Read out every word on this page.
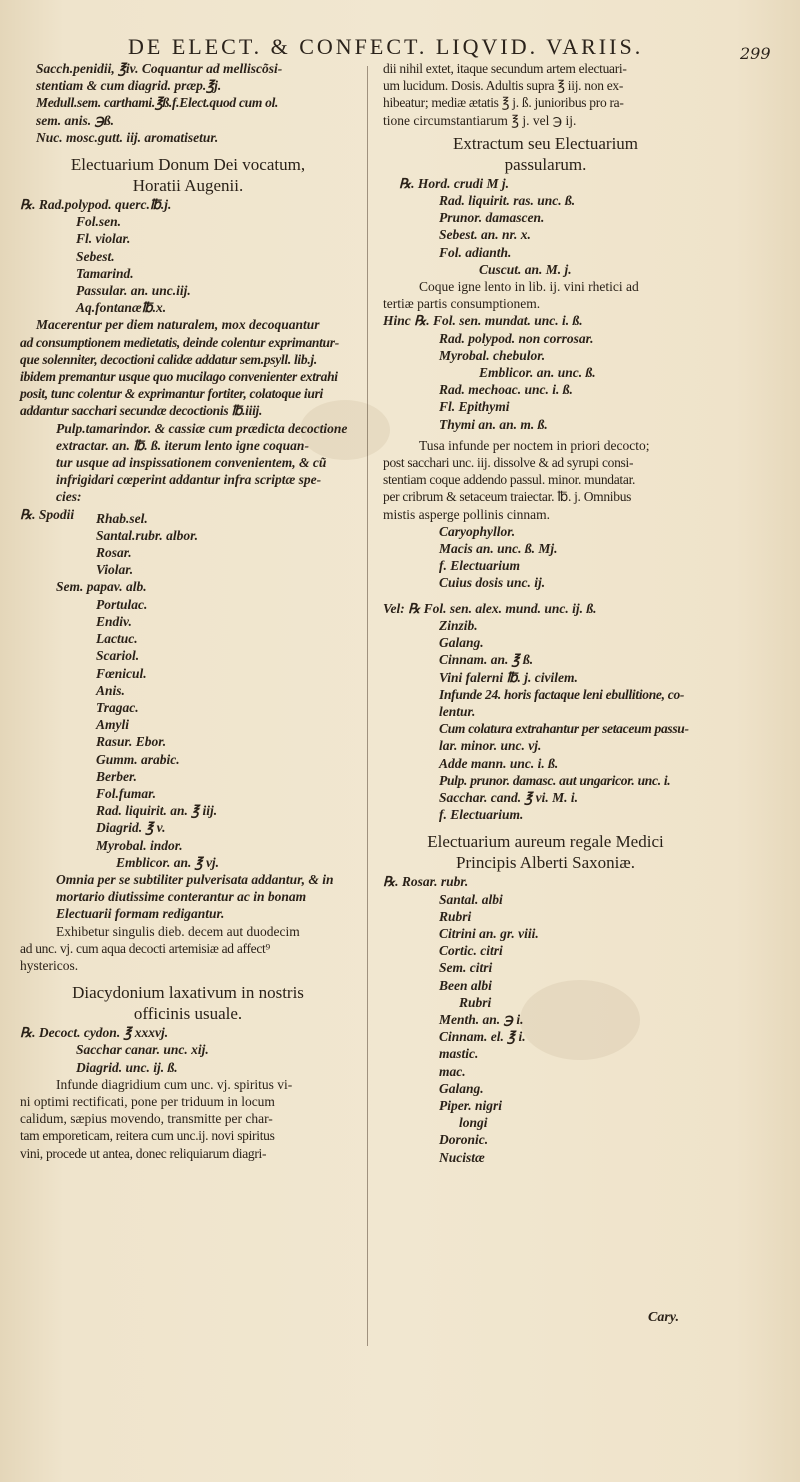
DE ELECT. & CONFECT. LIQVID. VARIIS.	299
Sacch.penidii, ℥iv. Coquantur ad melliscõsi-
stentiam & cum diagrid. præp.℥j.
Medull.sem. carthami.℥ß.f.Elect.quod cum ol.
sem. anis. ℈ß.
Nuc. mosc.gutt. iij. aromatisetur.
Electuarium Donum Dei vocatum,
Horatii Augenii.
℞. Rad.polypod. querc.℔.j.
Fol.sen.
Fl. violar.
Sebest.
Tamarind.
Passular. an. unc.iij.
Aq.fontanæ℔.x.
Macerentur per diem naturalem, mox decoquantur
ad consumptionem medietatis, deinde colentur exprimantur-
que solenniter, decoctioni calidæ addatur sem.psyll. lib.j.
ibidem premantur usque quo mucilago convenienter extrahi
posit, tunc colentur & exprimantur fortiter, colatoque iuri
addantur sacchari secundæ decoctionis ℔.iiij.
Pulp.tamarindor. & cassiæ cum prædicta decoctione
extractar. an. ℔. ß. iterum lento igne coquan-
tur usque ad inspissationem convenientem, & cũ
infrigidari cœperint addantur infra scriptæ spe-
cies:
℞. Spodii	Rhab.sel.
Santal.rubr. albor.
Rosar.
Violar.
Sem. papav. alb.
Portulac.
Endiv.
Lactuc.
Scariol.
Fœnicul.
Anis.
Tragac.
Amyli
Rasur. Ebor.
Gumm. arabic.
Berber.
Fol.fumar.
Rad. liquirit. an. ℥ iij.
Diagrid. ℥ v.
Myrobal. indor.
Emblicor. an. ℥ vj.
Omnia per se subtiliter pulverisata addantur, & in
mortario diutissime conterantur ac in bonam
Electuarii formam redigantur.
Exhibetur singulis dieb. decem aut duodecim
ad unc. vj. cum aqua decocti artemisiæ ad affect⁹
hystericos.
Diacydonium laxativum in nostris
officinis usuale.
℞. Decoct. cydon. ℥ xxxvj.
Sacchar canar. unc. xij.
Diagrid. unc. ij. ß.
Infunde diagridium cum unc. vj. spiritus vi-
ni optimi rectificati, pone per triduum in locum
calidum, sæpius movendo, transmitte per char-
tam emporeticam, reitera cum unc.ij. novi spiritus
vini, procede ut antea, donec reliquiarum diagri-
dii nihil extet, itaque secundum artem electuari-
um lucidum. Dosis. Adultis supra ℥ iij. non ex-
hibeatur; mediæ ætatis ℥ j. ß. junioribus pro ra-
tione circumstantiarum ℥ j. vel ℈ ij.
Extractum seu Electuarium
passularum.
℞. Hord. crudi M j.
Rad. liquirit. ras. unc. ß.
Prunor. damascen.
Sebest. an. nr. x.
Fol. adianth.
Cuscut. an. M. j.
Coque igne lento in lib. ij. vini rhetici ad
tertiæ partis consumptionem.
Hinc ℞. Fol. sen. mundat. unc. i. ß.
Rad. polypod. non corrosar.
Myrobal. chebulor.
Emblicor. an. unc. ß.
Rad. mechoac. unc. i. ß.
Fl. Epithymi
Thymi an. an. m. ß.
Tusa infunde per noctem in priori decocto;
post sacchari unc. iij. dissolve & ad syrupi consi-
stentiam coque addendo passul. minor. mundatar.
per cribrum & setaceum traiectar. ℔. j. Omnibus
mistis asperge pollinis cinnam.
Caryophyllor.
Macis an. unc. ß. Mj.
f. Electuarium
Cuius dosis unc. ij.
Vel: ℞ Fol. sen. alex. mund. unc. ij. ß.
Zinzib.
Galang.
Cinnam. an. ℥ ß.
Vini falerni ℔. j. civilem.
Infunde 24. horis factaque leni ebullitione, co-
lentur.
Cum colatura extrahantur per setaceum passu-
lar. minor. unc. vj.
Adde mann. unc. i. ß.
Pulp. prunor. damasc. aut ungaricor. unc. i.
Sacchar. cand. ℥ vi. M. i.
f. Electuarium.
Electuarium aureum regale Medici
Principis Alberti Saxoniæ.
℞. Rosar. rubr.
Santal. albi
Rubri
Citrini an. gr. viii.
Cortic. citri
Sem. citri
Been albi
Rubri
Menth. an. ℈ i.
Cinnam. el. ℥ i.
mastic.
mac.
Galang.
Piper. nigri
longi
Doronic.
Nucistæ
Cary.
